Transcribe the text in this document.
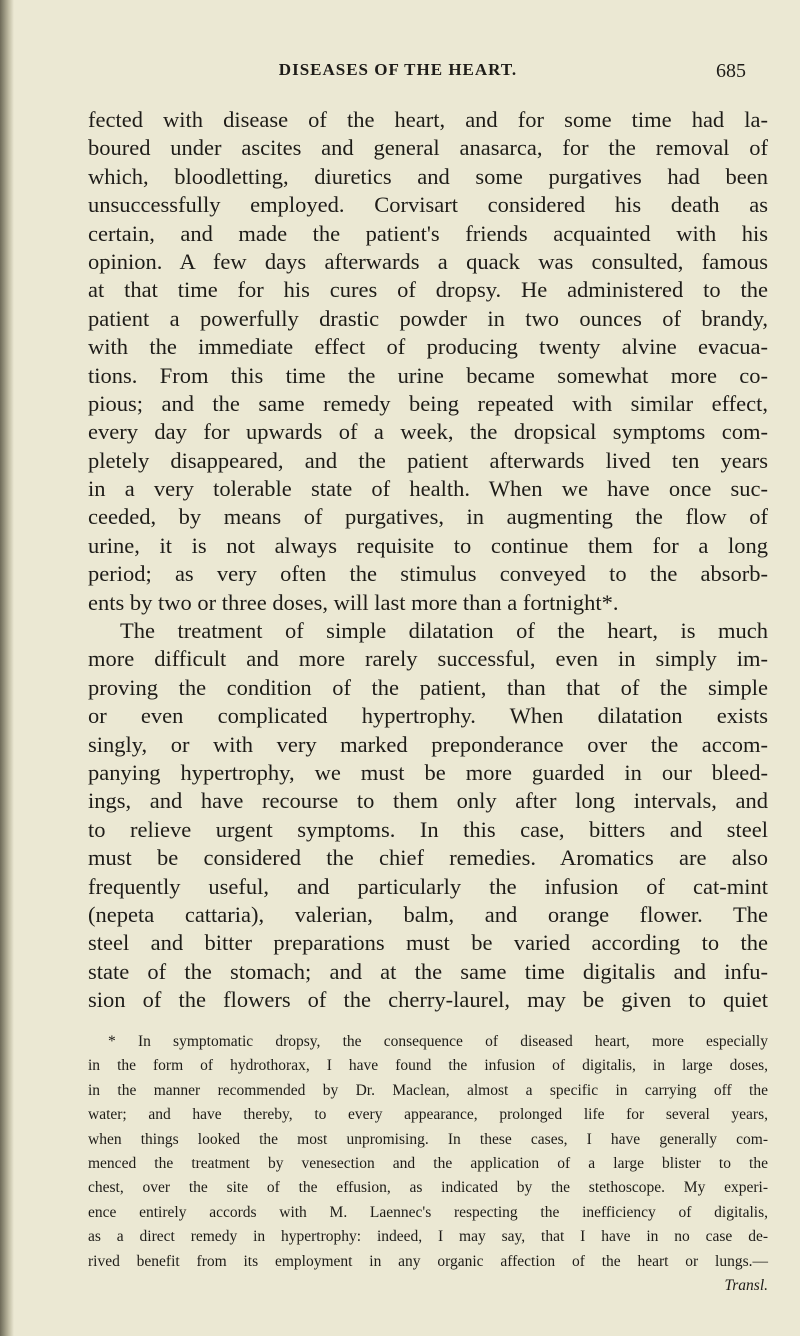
DISEASES OF THE HEART.	685
fected with disease of the heart, and for some time had la-
boured under ascites and general anasarca, for the removal of
which, bloodletting, diuretics and some purgatives had been
unsuccessfully employed. Corvisart considered his death as
certain, and made the patient's friends acquainted with his
opinion. A few days afterwards a quack was consulted, famous
at that time for his cures of dropsy. He administered to the
patient a powerfully drastic powder in two ounces of brandy,
with the immediate effect of producing twenty alvine evacua-
tions. From this time the urine became somewhat more co-
pious; and the same remedy being repeated with similar effect,
every day for upwards of a week, the dropsical symptoms com-
pletely disappeared, and the patient afterwards lived ten years
in a very tolerable state of health. When we have once suc-
ceeded, by means of purgatives, in augmenting the flow of
urine, it is not always requisite to continue them for a long
period; as very often the stimulus conveyed to the absorb-
ents by two or three doses, will last more than a fortnight*.
The treatment of simple dilatation of the heart, is much
more difficult and more rarely successful, even in simply im-
proving the condition of the patient, than that of the simple
or even complicated hypertrophy. When dilatation exists
singly, or with very marked preponderance over the accom-
panying hypertrophy, we must be more guarded in our bleed-
ings, and have recourse to them only after long intervals, and
to relieve urgent symptoms. In this case, bitters and steel
must be considered the chief remedies. Aromatics are also
frequently useful, and particularly the infusion of cat-mint
(nepeta cattaria), valerian, balm, and orange flower. The
steel and bitter preparations must be varied according to the
state of the stomach; and at the same time digitalis and infu-
sion of the flowers of the cherry-laurel, may be given to quiet
* In symptomatic dropsy, the consequence of diseased heart, more especially
in the form of hydrothorax, I have found the infusion of digitalis, in large doses,
in the manner recommended by Dr. Maclean, almost a specific in carrying off the
water; and have thereby, to every appearance, prolonged life for several years,
when things looked the most unpromising. In these cases, I have generally com-
menced the treatment by venesection and the application of a large blister to the
chest, over the site of the effusion, as indicated by the stethoscope. My experi-
ence entirely accords with M. Laennec's respecting the inefficiency of digitalis,
as a direct remedy in hypertrophy: indeed, I may say, that I have in no case de-
rived benefit from its employment in any organic affection of the heart or lungs.—
Transl.
